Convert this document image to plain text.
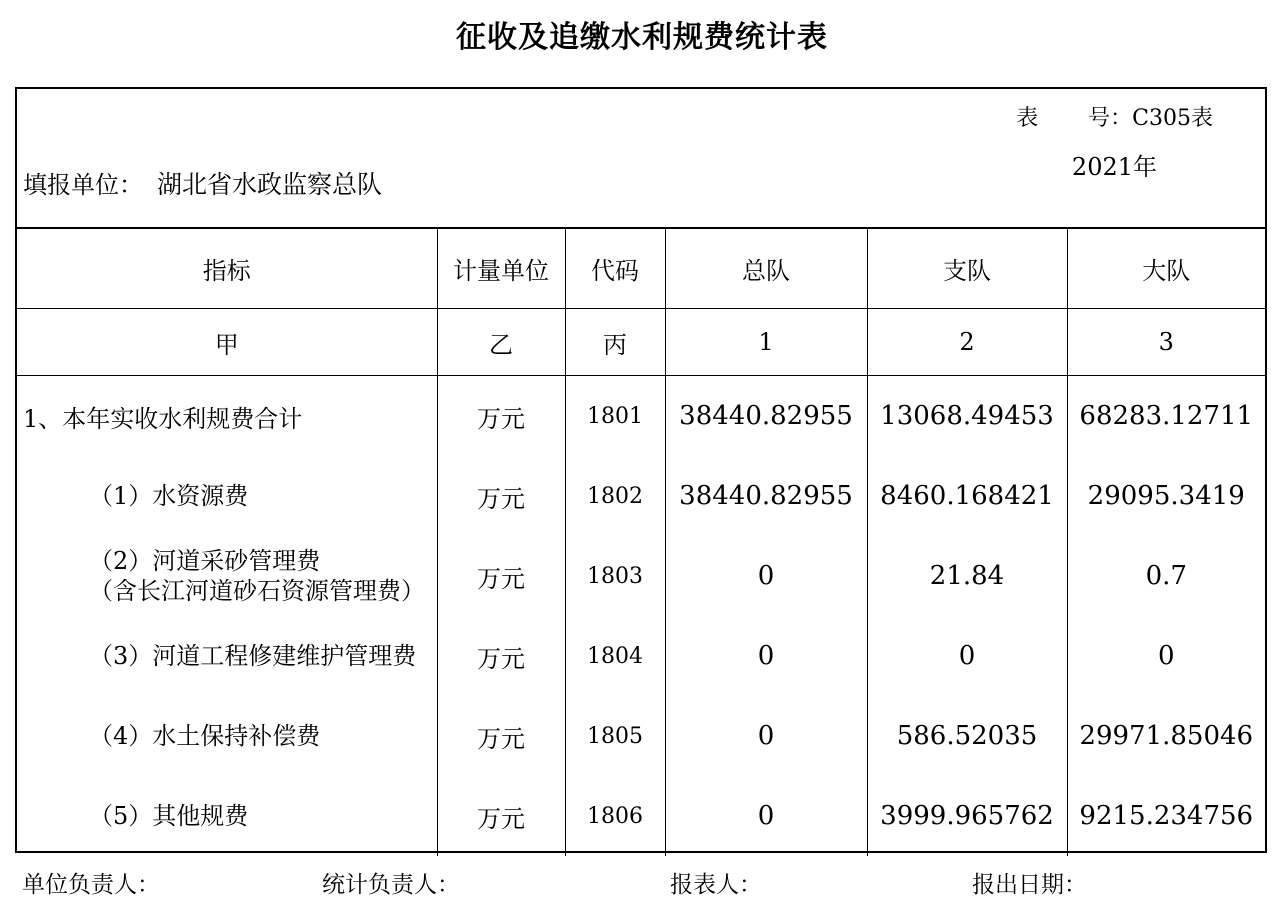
征收及追缴水利规费统计表
表 号：C305表
2021年
填报单位： 湖北省水政监察总队
指标	计量单位	代码	总队	支队	大队
甲	乙	丙	1	2	3
1、本年实收水利规费合计	万元	1801	38440.82955	13068.49453	68283.12711
（1）水资源费	万元	1802	38440.82955	8460.168421	29095.3419

（2）河道采砂管理费
（含长江河道砂石资源管理费）	万元	1803	0	21.84	0.7
（3）河道工程修建维护管理费	万元	1804	0	0	0
（4）水土保持补偿费	万元	1805	0	586.52035	29971.85046
（5）其他规费	万元	1806	0	3999.965762	9215.234756
单位负责人：	统计负责人：	报表人：	报出日期：
